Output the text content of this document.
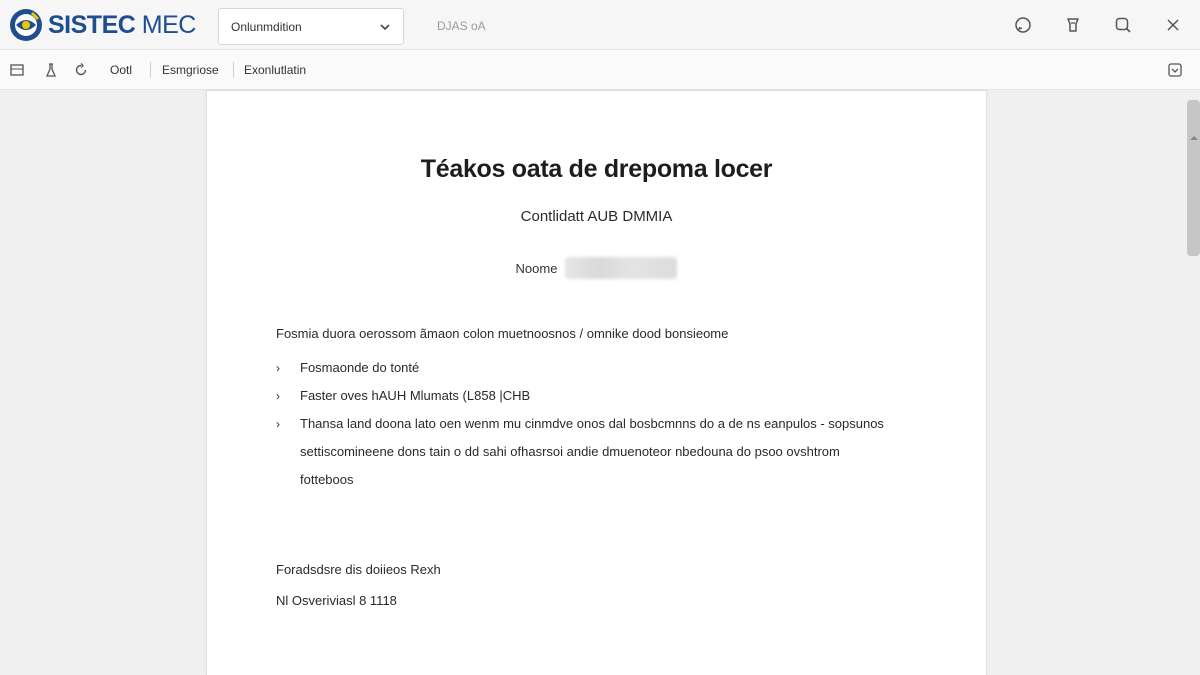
SISTEC MEC	Onlunmdition	DJAS oA
Ootl Esmgriose Exonlutlatin
Téakos oata de drepoma locer
Contlidatt AUB DMMIA
Noome
Fosmia duora oerossom ãmaon colon muetnoosnos / omnike dood bonsieome
› Fosmaonde do tonté
› Faster oves hAUH Mlumats (L858 |CHB
› Thansa land doona lato oen wenm mu cinmdve onos dal bosbcmnns do a de ns eanpulos - sopsunos settiscomineene dons tain o dd sahi ofhasrsoi andie dmuenoteor nbedouna do psoo ovshtrom fotteboos
Foradsdsre dis doiieos Rexh
Nl Osveriviasl 8 1118
